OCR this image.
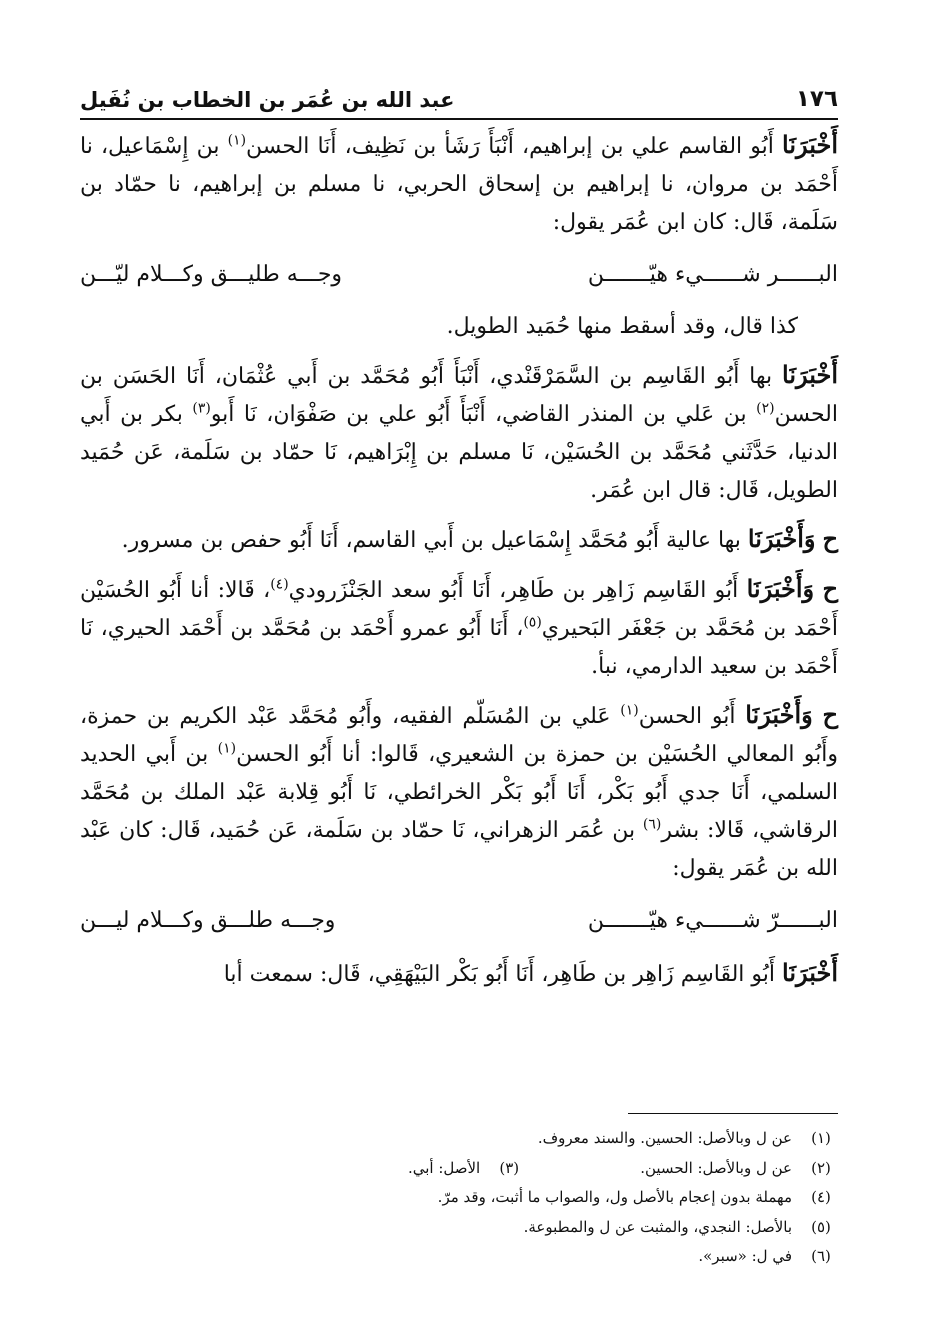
١٧٦
عبد الله بن عُمَر بن الخطاب بن نُفَيل

أَخْبَرَنَا أَبُو القاسم علي بن إبراهيم، أَنْبَأَ رَشَأ بن نَظِيف، أَنَا الحسن$^{(١)}$ بن إِسْمَاعيل، نا أَحْمَد بن مروان، نا إبراهيم بن إسحاق الحربي، نا مسلم بن إبراهيم، نا حمّاد بن سَلَمة، قَال: كان ابن عُمَر يقول:

البــــــر شــــــيء هيّـــــــن
وجـــه طليـــق وكـــلام ليّـــن

كذا قال، وقد أسقط منها حُمَيد الطويل.

أَخْبَرَنَا بها أَبُو القَاسِم بن السَّمَرْقَنْدي، أَنْبَأَ أَبُو مُحَمَّد بن أَبي عُثْمَان، أَنَا الحَسَن بن الحسن$^{(٢)}$ بن عَلي بن المنذر القاضي، أَنْبَأَ أَبُو علي بن صَفْوَان، نَا أَبو$^{(٣)}$ بكر بن أَبي الدنيا، حَدَّثَني مُحَمَّد بن الحُسَيْن، نَا مسلم بن إِبْرَاهيم، نَا حمّاد بن سَلَمة، عَن حُمَيد الطويل، قَال: قال ابن عُمَر.

ح وَأَخْبَرَنَا بها عالية أَبُو مُحَمَّد إِسْمَاعيل بن أَبي القاسم، أَنَا أَبُو حفص بن مسرور.

ح وَأَخْبَرَنَا أَبُو القَاسِم زَاهِر بن طَاهِر، أَنَا أَبُو سعد الجَنْزَرودي$^{(٤)}$، قَالا: أنا أَبُو الحُسَيْن أَحْمَد بن مُحَمَّد بن جَعْفَر البَحيري$^{(٥)}$، أَنَا أَبُو عمرو أَحْمَد بن مُحَمَّد بن أَحْمَد الحيري، نَا أَحْمَد بن سعيد الدارمي، نبأ.

ح وَأَخْبَرَنَا أَبُو الحسن$^{(١)}$ عَلي بن المُسَلّم الفقيه، وأَبُو مُحَمَّد عَبْد الكريم بن حمزة، وأَبُو المعالي الحُسَيْن بن حمزة بن الشعيري، قَالوا: أنا أَبُو الحسن$^{(١)}$ بن أَبي الحديد السلمي، أَنَا جدي أَبُو بَكْر، أَنَا أَبُو بَكْر الخرائطي، نَا أَبُو قِلابة عَبْد الملك بن مُحَمَّد الرقاشي، قَالا: بشر$^{(٦)}$ بن عُمَر الزهراني، نَا حمّاد بن سَلَمة، عَن حُمَيد، قَال: كان عَبْد الله بن عُمَر يقول:

البــــــرّ شــــــيء هيّـــــــن
وجـــه طلـــق وكـــلام ليـــن

أَخْبَرَنَا أَبُو القَاسِم زَاهِر بن طَاهِر، أَنَا أَبُو بَكْر البَيْهَقِي، قَال: سمعت أبا

(١)
عن ل وبالأصل: الحسين. والسند معروف.
(٢)
عن ل وبالأصل: الحسين.
(٣)
الأصل: أبي.
(٤)
مهملة بدون إعجام بالأصل ول، والصواب ما أثبت، وقد مرّ.
(٥)
بالأصل: النجدي، والمثبت عن ل والمطبوعة.
(٦)
في ل: «سبر».
